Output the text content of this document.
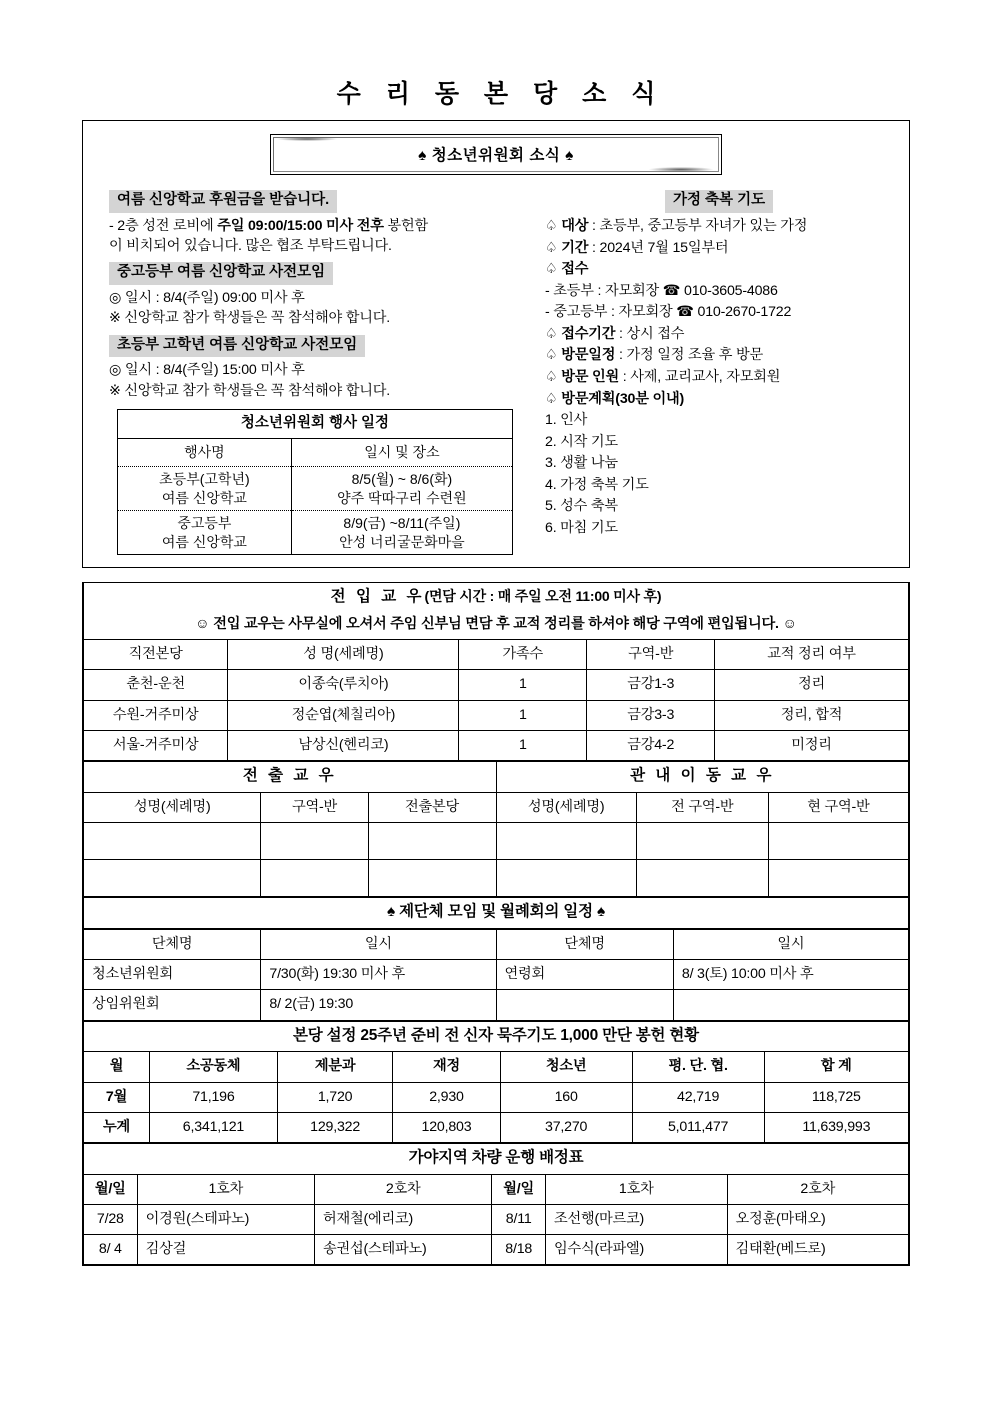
수 리 동 본 당 소 식
♠ 청소년위원회 소식 ♠
여름 신앙학교 후원금을 받습니다.
- 2층 성전 로비에 주일 09:00/15:00 미사 전후 봉헌함
이 비치되어 있습니다. 많은 협조 부탁드립니다.
중고등부 여름 신앙학교 사전모임
◎ 일시 : 8/4(주일) 09:00 미사 후
※ 신앙학교 참가 학생들은 꼭 참석해야 합니다.
초등부 고학년 여름 신앙학교 사전모임
◎ 일시 : 8/4(주일) 15:00 미사 후
※ 신앙학교 참가 학생들은 꼭 참석해야 합니다.
청소년위원회 행사 일정	
행사명	일시 및 장소
초등부(고학년)
여름 신앙학교	8/5(월) ~ 8/6(화)
양주 딱따구리 수련원
중고등부
여름 신앙학교	8/9(금) ~8/11(주일)
안성 너리굴문화마을
가정 축복 기도
♤ 대상 : 초등부, 중고등부 자녀가 있는 가정
♤ 기간 : 2024년 7월 15일부터
♤ 접수
- 초등부 : 자모회장 ☎ 010-3605-4086
- 중고등부 : 자모회장 ☎ 010-2670-1722
♤ 접수기간 : 상시 접수
♤ 방문일정 : 가정 일정 조율 후 방문
♤ 방문 인원 : 사제, 교리교사, 자모회원
♤ 방문계획(30분 이내)
1. 인사
2. 시작 기도
3. 생활 나눔
4. 가정 축복 기도
5. 성수 축복
6. 마침 기도
전 입 교 우(면담 시간 : 매 주일 오전 11:00 미사 후)				
☺ 전입 교우는 사무실에 오셔서 주임 신부님 면담 후 교적 정리를 하셔야 해당 구역에 편입됩니다. ☺				
직전본당	성 명(세례명)	가족수	구역-반	교적 정리 여부
춘천-운천	이종숙(루치아)	1	금강1-3	정리
수원-거주미상	정순엽(체칠리아)	1	금강3-3	정리, 합적
서울-거주미상	남상신(헨리코)	1	금강4-2	미정리
전 출 교 우			관 내 이 동 교 우		
성명(세례명)	구역-반	전출본당	성명(세례명)	전 구역-반	현 구역-반

♠ 제단체 모임 및 월례회의 일정 ♠			
단체명	일시	단체명	일시
청소년위원회	7/30(화) 19:30 미사 후	연령회	8/ 3(토) 10:00 미사 후
상임위원회	8/ 2(금) 19:30		
본당 설정 25주년 준비 전 신자 묵주기도 1,000 만단 봉헌 현황						
월	소공동체	제분과	재정	청소년	평. 단. 협.	합 계
7월	71,196	1,720	2,930	160	42,719	118,725
누계	6,341,121	129,322	120,803	37,270	5,011,477	11,639,993
가야지역 차량 운행 배정표					
월/일	1호차	2호차	월/일	1호차	2호차
7/28	이경원(스테파노)	허재철(에리코)	8/11	조선행(마르코)	오정훈(마태오)
8/ 4	김상걸	송권섭(스테파노)	8/18	임수식(라파엘)	김태환(베드로)
